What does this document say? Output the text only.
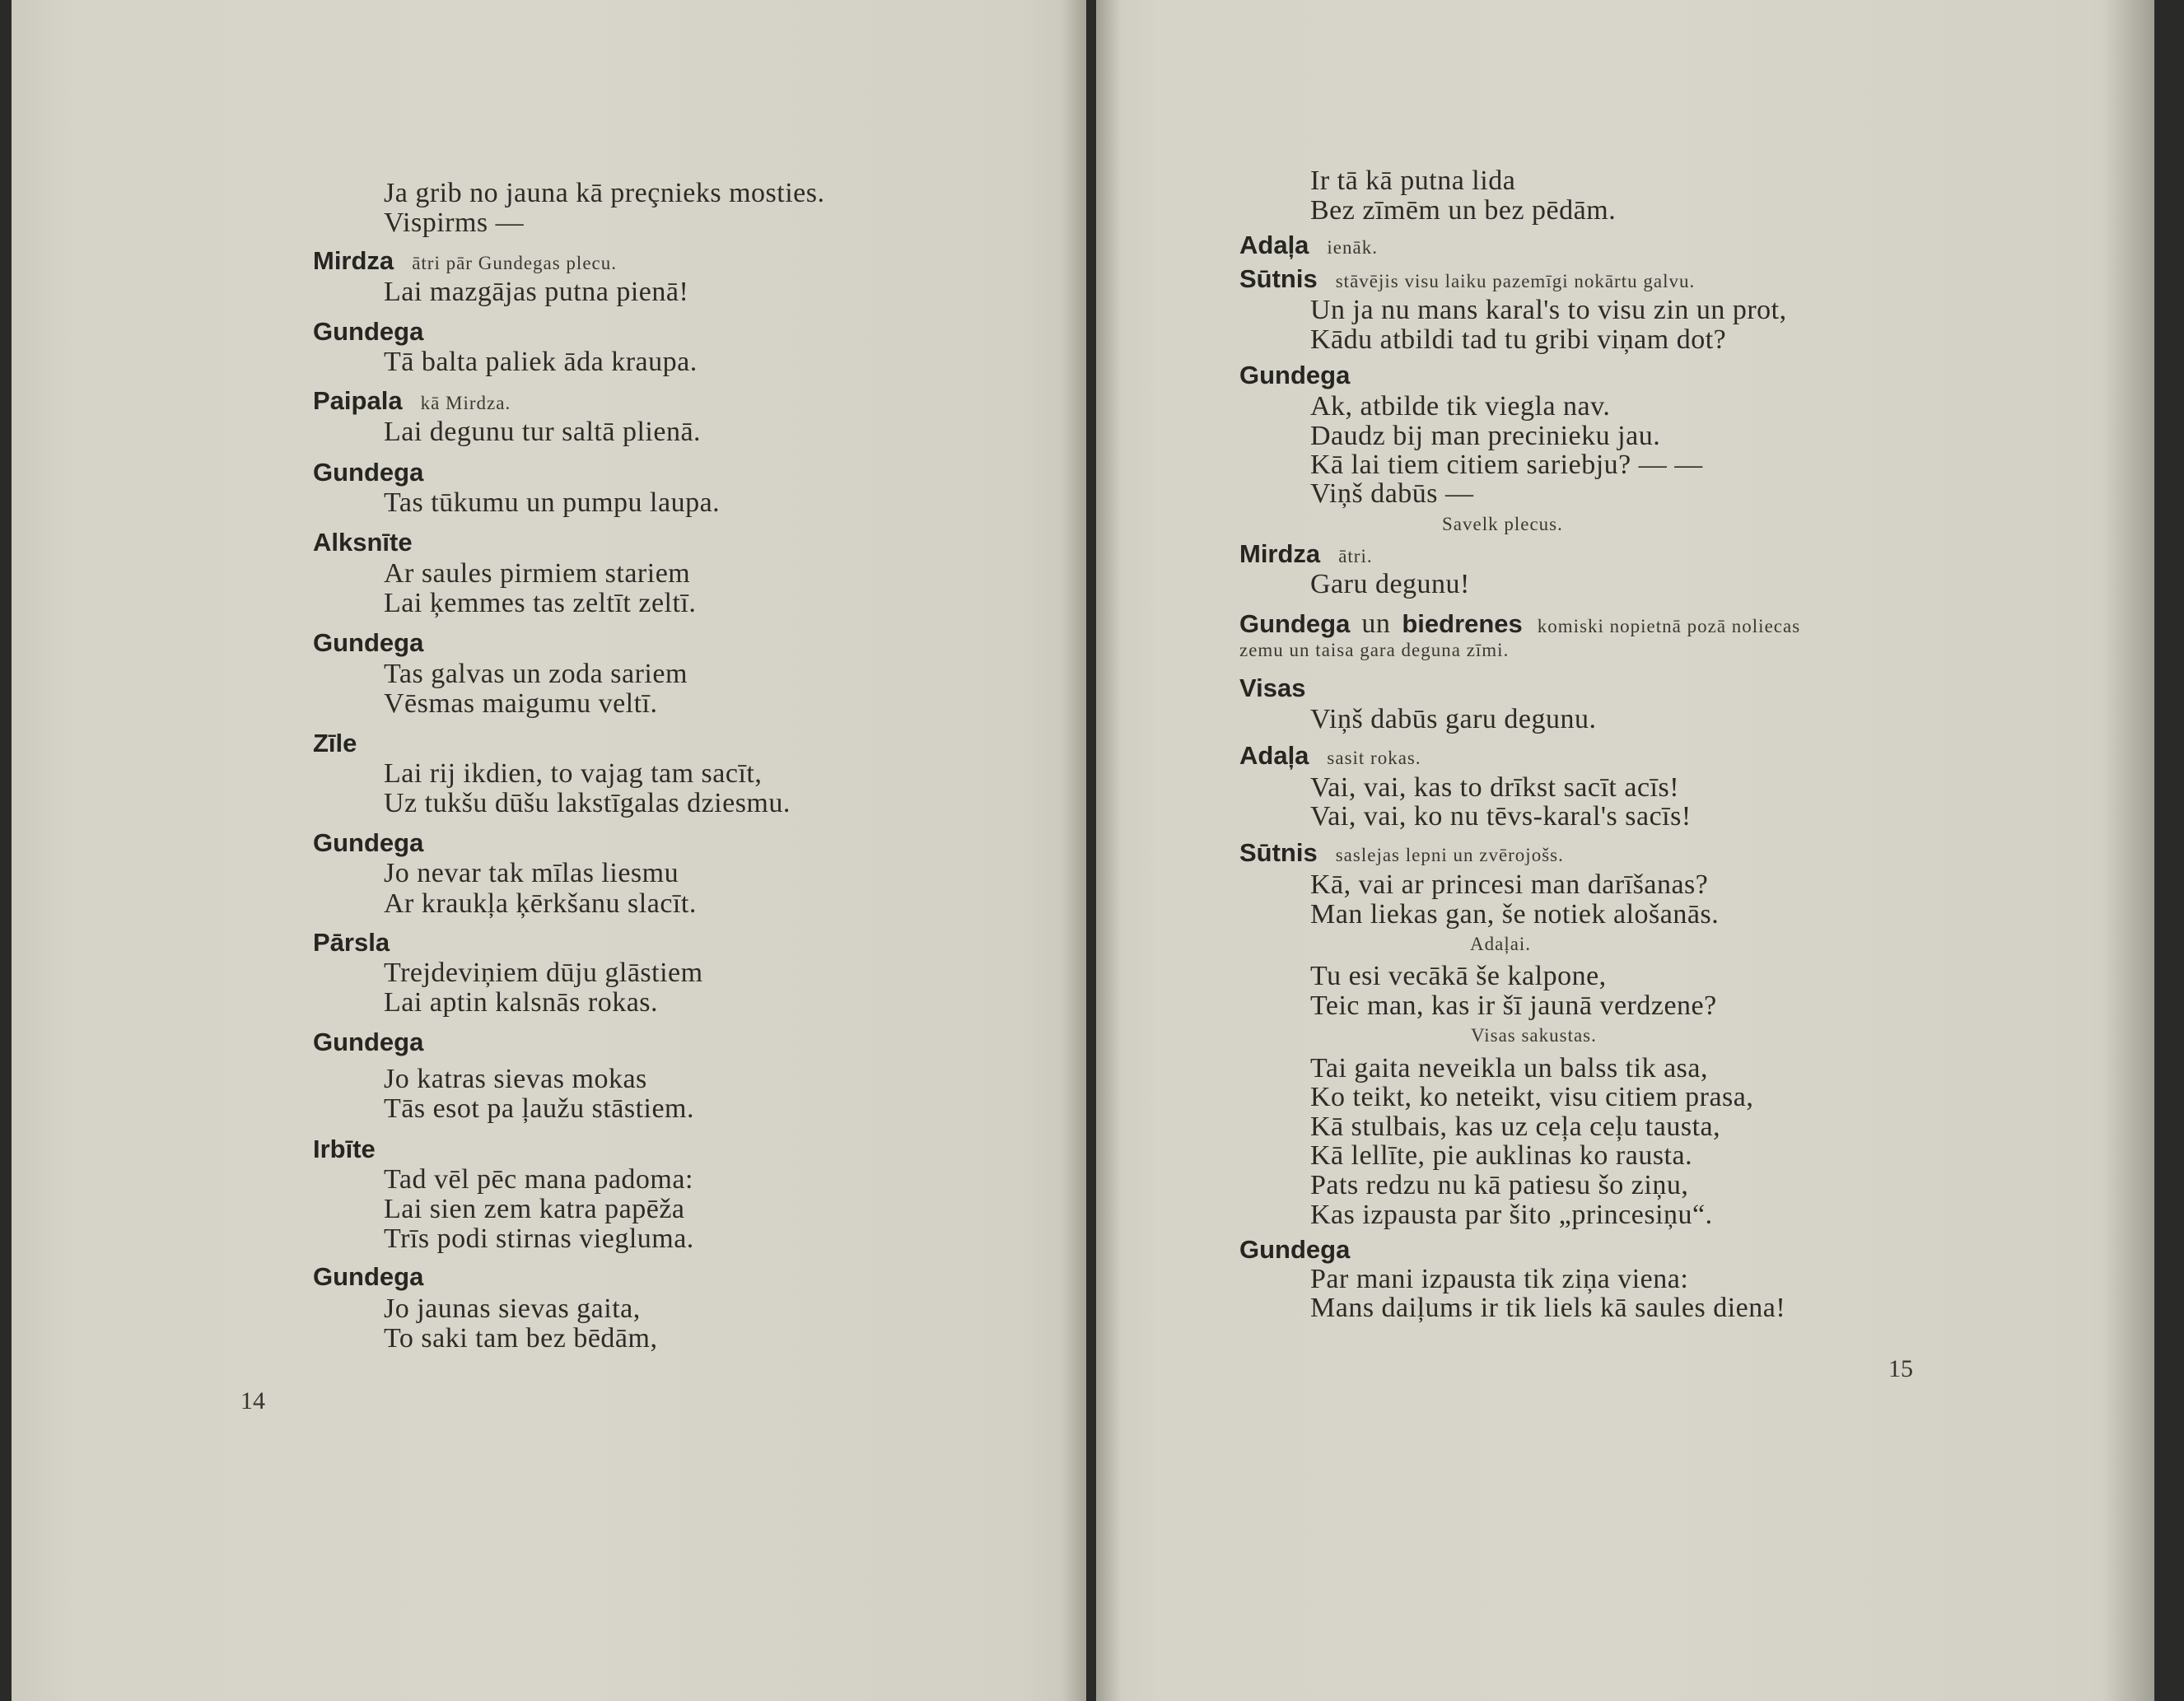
Ja grib no jauna kā preçnieks mosties.
Vispirms —
Mirdza ātri pār Gundegas plecu.
Lai mazgājas putna pienā!
Gundega
Tā balta paliek āda kraupa.
Paipala kā Mirdza.
Lai degunu tur saltā plienā.
Gundega
Tas tūkumu un pumpu laupa.
Alksnīte
Ar saules pirmiem stariem
Lai ķemmes tas zeltīt zeltī.
Gundega
Tas galvas un zoda sariem
Vēsmas maigumu veltī.
Zīle
Lai rij ikdien, to vajag tam sacīt,
Uz tukšu dūšu lakstīgalas dziesmu.
Gundega
Jo nevar tak mīlas liesmu
Ar kraukļa ķērkšanu slacīt.
Pārsla
Trejdeviņiem dūju glāstiem
Lai aptin kalsnās rokas.
Gundega
Jo katras sievas mokas
Tās esot pa ļaužu stāstiem.
Irbīte
Tad vēl pēc mana padoma:
Lai sien zem katra papēža
Trīs podi stirnas viegluma.
Gundega
Jo jaunas sievas gaita,
To saki tam bez bēdām,
14
Ir tā kā putna lida
Bez zīmēm un bez pēdām.
Adaļa ienāk.
Sūtnis stāvējis visu laiku pazemīgi nokārtu galvu.
Un ja nu mans karal's to visu zin un prot,
Kādu atbildi tad tu gribi viņam dot?
Gundega
Ak, atbilde tik viegla nav.
Daudz bij man precinieku jau.
Kā lai tiem citiem sariebju? — —
Viņš dabūs —
Savelk plecus.
Mirdza ātri.
Garu degunu!
Gundega un biedrenes komiski nopietnā pozā noliecas
zemu un taisa gara deguna zīmi.
Visas
Viņš dabūs garu degunu.
Adaļa sasit rokas.
Vai, vai, kas to drīkst sacīt acīs!
Vai, vai, ko nu tēvs-karal's sacīs!
Sūtnis saslejas lepni un zvērojošs.
Kā, vai ar princesi man darīšanas?
Man liekas gan, še notiek alošanās.
Adaļai.
Tu esi vecākā še kalpone,
Teic man, kas ir šī jaunā verdzene?
Visas sakustas.
Tai gaita neveikla un balss tik asa,
Ko teikt, ko neteikt, visu citiem prasa,
Kā stulbais, kas uz ceļa ceļu tausta,
Kā lellīte, pie auklinas ko rausta.
Pats redzu nu kā patiesu šo ziņu,
Kas izpausta par šito „princesiņu“.
Gundega
Par mani izpausta tik ziņa viena:
Mans daiļums ir tik liels kā saules diena!
15
